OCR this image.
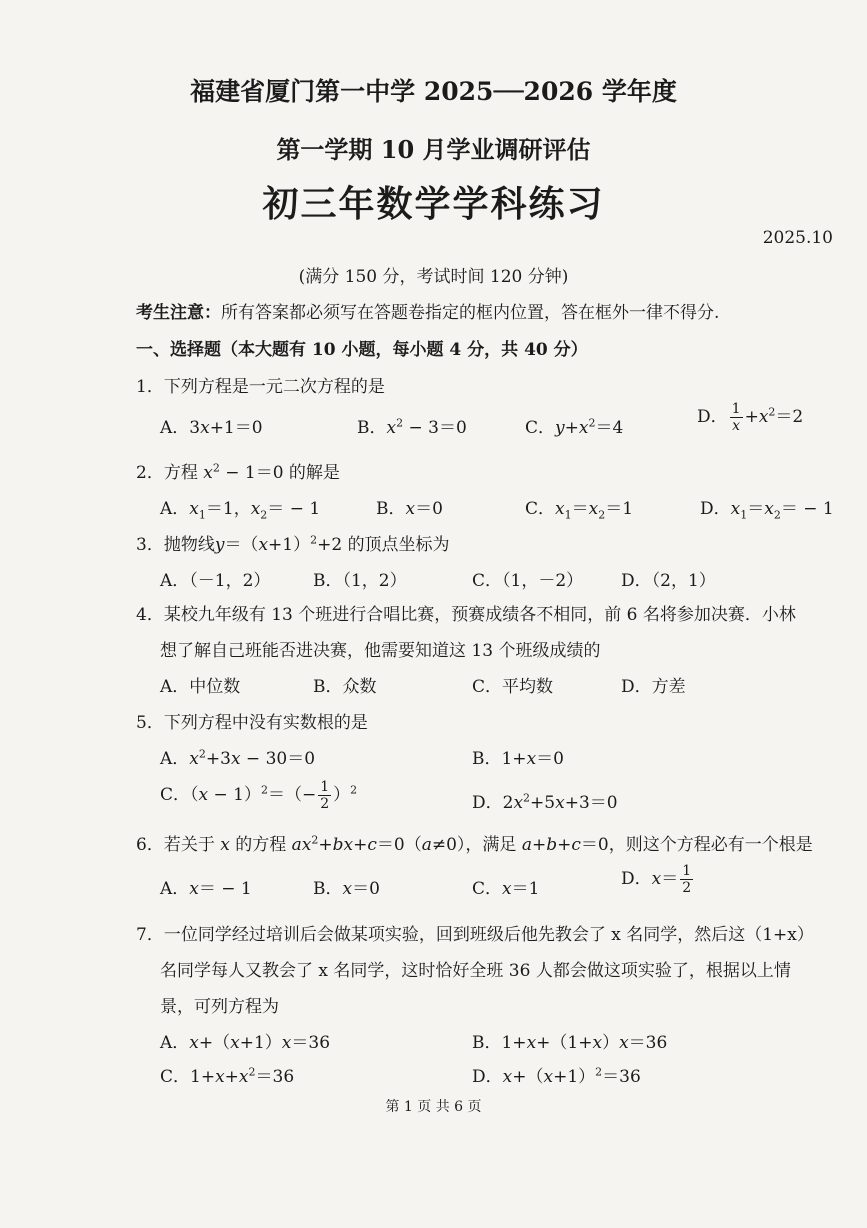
福建省厦门第一中学 2025──2026 学年度
第一学期 10 月学业调研评估
初三年数学学科练习
2025.10
(满分 150 分，考试时间 120 分钟)
考生注意：所有答案都必须写在答题卷指定的框内位置，答在框外一律不得分.
一、选择题（本大题有 10 小题，每小题 4 分，共 40 分）
1．下列方程是一元二次方程的是
A．3x+1＝0	B．$x^2 - 3=0$	C．$y+x^2=4$
D． $\frac{1}{x} +x^2=2$
2．方程 $x^2 - 1=0$ 的解是
A．$x_1=1$，$x_2= - 1$	B．x＝0	C．$x_1=x_2=1$	D．$x_1=x_2= - 1$
3．抛物线$y=(x+1)^2+2$ 的顶点坐标为
A．（－1，2）	B．（1，2）	C．（1，－2） D．（2，1）
4．某校九年级有 13 个班进行合唱比赛，预赛成绩各不相同，前 6 名将参加决赛．小林
想了解自己班能否进决赛，他需要知道这 13 个班级成绩的
A．中位数	B．众数	C．平均数	D．方差
5．下列方程中没有实数根的是
A．$x^2+3x - 30=0$	B．1+x＝0
C．$(x - 1)^2=(- \frac{1}{2} )^2$
D．$2x^2+5x+3=0$
6．若关于 x 的方程 $ax^2+bx+c=0(a\ne 0)$，满足 a+b+c＝0，则这个方程必有一个根是
A．x＝ − 1	B．x＝0	C．x＝1	D．$x= \frac{1}{2}$
7．一位同学经过培训后会做某项实验，回到班级后他先教会了 x 名同学，然后这（1+x）
名同学每人又教会了 x 名同学，这时恰好全班 36 人都会做这项实验了，根据以上情
景，可列方程为
A．x+（x+1）x＝36	B．1+x+（1+x）x＝36
C．$1+x+x^2=36$	D．$x+(x+1)^2=36$
第 1 页 共 6 页
